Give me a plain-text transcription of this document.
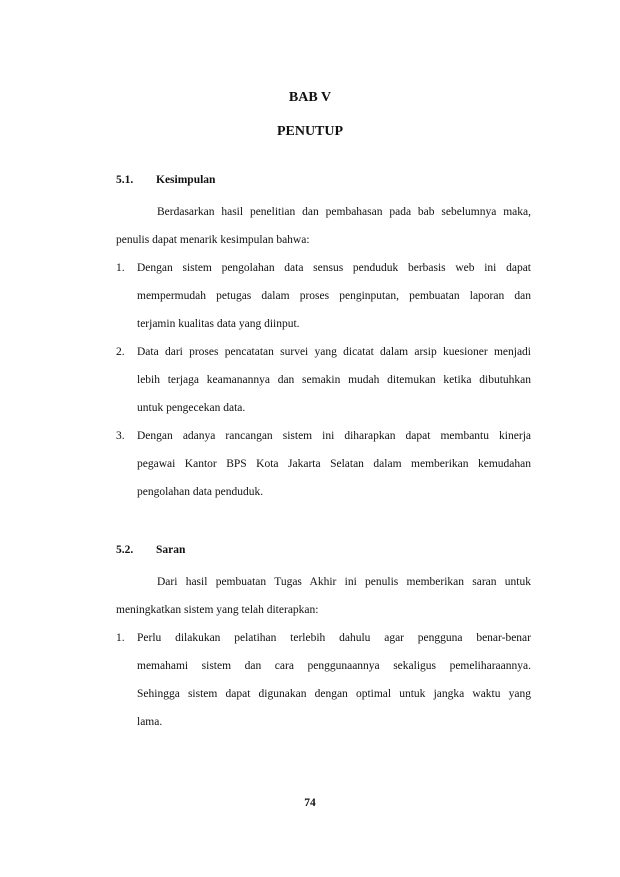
BAB V
PENUTUP
5.1. Kesimpulan
Berdasarkan hasil penelitian dan pembahasan pada bab sebelumnya maka,
penulis dapat menarik kesimpulan bahwa:
1. Dengan sistem pengolahan data sensus penduduk berbasis web ini dapat
mempermudah petugas dalam proses penginputan, pembuatan laporan dan
terjamin kualitas data yang diinput.
2. Data dari proses pencatatan survei yang dicatat dalam arsip kuesioner menjadi
lebih terjaga keamanannya dan semakin mudah ditemukan ketika dibutuhkan
untuk pengecekan data.
3. Dengan adanya rancangan sistem ini diharapkan dapat membantu kinerja
pegawai Kantor BPS Kota Jakarta Selatan dalam memberikan kemudahan
pengolahan data penduduk.
5.2. Saran
Dari hasil pembuatan Tugas Akhir ini penulis memberikan saran untuk
meningkatkan sistem yang telah diterapkan:
1. Perlu dilakukan pelatihan terlebih dahulu agar pengguna benar-benar
memahami sistem dan cara penggunaannya sekaligus pemeliharaannya.
Sehingga sistem dapat digunakan dengan optimal untuk jangka waktu yang
lama.
74
